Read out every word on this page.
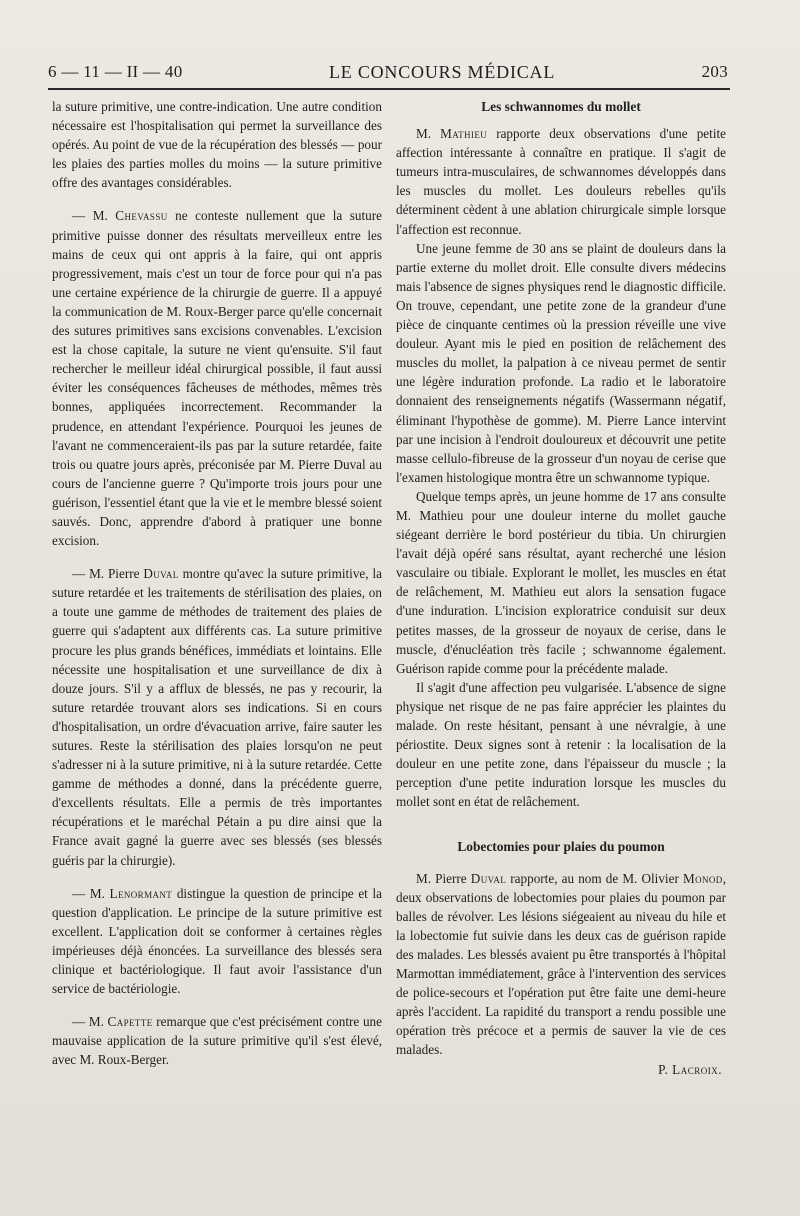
6 — 11 — II — 40	LE CONCOURS MÉDICAL	203

la suture primitive, une contre-indication. Une autre condition nécessaire est l'hospitalisation qui permet la surveillance des opérés. Au point de vue de la récupération des blessés — pour les plaies des parties molles du moins — la suture primitive offre des avantages considérables.

— M. Chevassu ne conteste nullement que la suture primitive puisse donner des résultats merveilleux entre les mains de ceux qui ont appris à la faire, qui ont appris progressivement, mais c'est un tour de force pour qui n'a pas une certaine expérience de la chirurgie de guerre. Il a appuyé la communication de M. Roux-Berger parce qu'elle concernait des sutures primitives sans excisions convenables. L'excision est la chose capitale, la suture ne vient qu'ensuite. S'il faut rechercher le meilleur idéal chirurgical possible, il faut aussi éviter les conséquences fâcheuses de méthodes, mêmes très bonnes, appliquées incorrectement. Recommander la prudence, en attendant l'expérience. Pourquoi les jeunes de l'avant ne commenceraient-ils pas par la suture retardée, faite trois ou quatre jours après, préconisée par M. Pierre Duval au cours de l'ancienne guerre ? Qu'importe trois jours pour une guérison, l'essentiel étant que la vie et le membre blessé soient sauvés. Donc, apprendre d'abord à pratiquer une bonne excision.

— M. Pierre Duval montre qu'avec la suture primitive, la suture retardée et les traitements de stérilisation des plaies, on a toute une gamme de méthodes de traitement des plaies de guerre qui s'adaptent aux différents cas. La suture primitive procure les plus grands bénéfices, immédiats et lointains. Elle nécessite une hospitalisation et une surveillance de dix à douze jours. S'il y a afflux de blessés, ne pas y recourir, la suture retardée trouvant alors ses indications. Si en cours d'hospitalisation, un ordre d'évacuation arrive, faire sauter les sutures. Reste la stérilisation des plaies lorsqu'on ne peut s'adresser ni à la suture primitive, ni à la suture retardée. Cette gamme de méthodes a donné, dans la précédente guerre, d'excellents résultats. Elle a permis de très importantes récupérations et le maréchal Pétain a pu dire ainsi que la France avait gagné la guerre avec ses blessés (ses blessés guéris par la chirurgie).

— M. Lenormant distingue la question de principe et la question d'application. Le principe de la suture primitive est excellent. L'application doit se conformer à certaines règles impérieuses déjà énoncées. La surveillance des blessés sera clinique et bactériologique. Il faut avoir l'assistance d'un service de bactériologie.

— M. Capette remarque que c'est précisément contre une mauvaise application de la suture primitive qu'il s'est élevé, avec M. Roux-Berger.

Les schwannomes du mollet

M. Mathieu rapporte deux observations d'une petite affection intéressante à connaître en pratique. Il s'agit de tumeurs intra-musculaires, de schwannomes développés dans les muscles du mollet. Les douleurs rebelles qu'ils déterminent cèdent à une ablation chirurgicale simple lorsque l'affection est reconnue.

Une jeune femme de 30 ans se plaint de douleurs dans la partie externe du mollet droit. Elle consulte divers médecins mais l'absence de signes physiques rend le diagnostic difficile. On trouve, cependant, une petite zone de la grandeur d'une pièce de cinquante centimes où la pression réveille une vive douleur. Ayant mis le pied en position de relâchement des muscles du mollet, la palpation à ce niveau permet de sentir une légère induration profonde. La radio et le laboratoire donnaient des renseignements négatifs (Wassermann négatif, éliminant l'hypothèse de gomme). M. Pierre Lance intervint par une incision à l'endroit douloureux et découvrit une petite masse cellulo-fibreuse de la grosseur d'un noyau de cerise que l'examen histologique montra être un schwannome typique.

Quelque temps après, un jeune homme de 17 ans consulte M. Mathieu pour une douleur interne du mollet gauche siégeant derrière le bord postérieur du tibia. Un chirurgien l'avait déjà opéré sans résultat, ayant recherché une lésion vasculaire ou tibiale. Explorant le mollet, les muscles en état de relâchement, M. Mathieu eut alors la sensation fugace d'une induration. L'incision exploratrice conduisit sur deux petites masses, de la grosseur de noyaux de cerise, dans le muscle, d'énucléation très facile ; schwannome également. Guérison rapide comme pour la précédente malade.

Il s'agit d'une affection peu vulgarisée. L'absence de signe physique net risque de ne pas faire apprécier les plaintes du malade. On reste hésitant, pensant à une névralgie, à une périostite. Deux signes sont à retenir : la localisation de la douleur en une petite zone, dans l'épaisseur du muscle ; la perception d'une petite induration lorsque les muscles du mollet sont en état de relâchement.

Lobectomies pour plaies du poumon

M. Pierre Duval rapporte, au nom de M. Olivier Monod, deux observations de lobectomies pour plaies du poumon par balles de révolver. Les lésions siégeaient au niveau du hile et la lobectomie fut suivie dans les deux cas de guérison rapide des malades. Les blessés avaient pu être transportés à l'hôpital Marmottan immédiatement, grâce à l'intervention des services de police-secours et l'opération put être faite une demi-heure après l'accident. La rapidité du transport a rendu possible une opération très précoce et a permis de sauver la vie de ces malades.

P. Lacroix.
